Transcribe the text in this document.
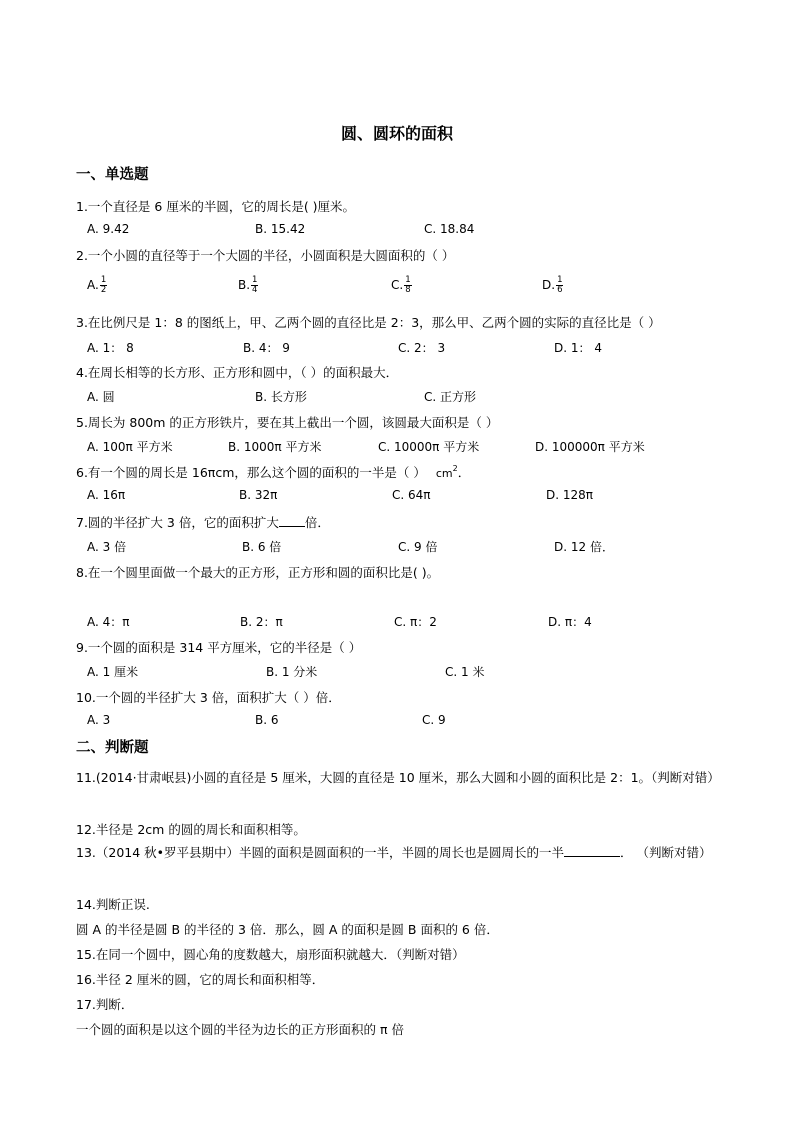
圆、圆环的面积
一、单选题
1.一个直径是 6 厘米的半圆，它的周长是( )厘米。
A. 9.42	B. 15.42	C. 18.84
2.一个小圆的直径等于一个大圆的半径，小圆面积是大圆面积的（ ）
A. $\frac{1}{2}$	B. $\frac{1}{4}$	C. $\frac{1}{8}$	D. $\frac{1}{6}$
3.在比例尺是 1：8 的图纸上，甲、乙两个圆的直径比是 2：3，那么甲、乙两个圆的实际的直径比是（ ）
A. 1： 8	B. 4： 9	C. 2： 3	D. 1： 4
4.在周长相等的长方形、正方形和圆中，（ ）的面积最大．
A. 圆	B. 长方形	C. 正方形
5.周长为 800m 的正方形铁片，要在其上截出一个圆，该圆最大面积是（ ）
A. 100π 平方米	B. 1000π 平方米	C. 10000π 平方米	D. 100000π 平方米
6.有一个圆的周长是 16πcm，那么这个圆的面积的一半是（ ） $cm^2$．
A. 16π	B. 32π	C. 64π	D. 128π
7.圆的半径扩大 3 倍，它的面积扩大 倍．
A. 3 倍	B. 6 倍	C. 9 倍	D. 12 倍．
8.在一个圆里面做一个最大的正方形，正方形和圆的面积比是( )。
A. 4：π	B. 2：π	C. π：2	D. π：4
9.一个圆的面积是 314 平方厘米，它的半径是（ ）
A. 1 厘米	B. 1 分米	C. 1 米
10.一个圆的半径扩大 3 倍，面积扩大（ ）倍．
A. 3	B. 6	C. 9
二、判断题
11.(2014·甘肃岷县)小圆的直径是 5 厘米，大圆的直径是 10 厘米，那么大圆和小圆的面积比是 2：1。（判断对错）
12.半径是 2cm 的圆的周长和面积相等。
13.（2014 秋•罗平县期中）半圆的面积是圆面积的一半，半圆的周长也是圆周长的一半	． （判断对错）
14.判断正误.
圆 A 的半径是圆 B 的半径的 3 倍．那么，圆 A 的面积是圆 B 面积的 6 倍．
15.在同一个圆中，圆心角的度数越大，扇形面积就越大．（判断对错）
16.半径 2 厘米的圆，它的周长和面积相等．
17.判断．
一个圆的面积是以这个圆的半径为边长的正方形面积的 π 倍
